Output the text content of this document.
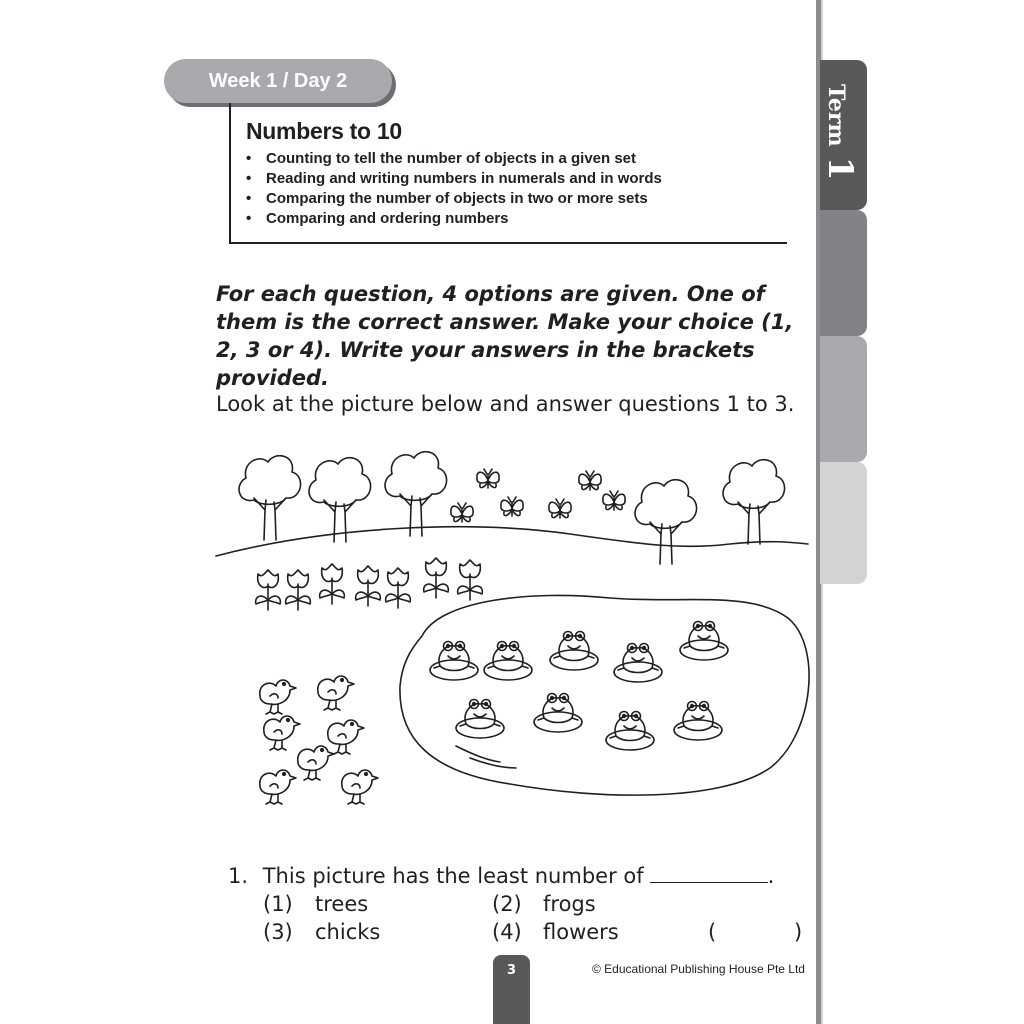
Term1
Week 1 / Day 2
Numbers to 10
• Counting to tell the number of objects in a given set
• Reading and writing numbers in numerals and in words
• Comparing the number of objects in two or more sets
• Comparing and ordering numbers
For each question, 4 options are given. One of them is the correct answer. Make your choice (1, 2, 3 or 4). Write your answers in the brackets provided.
Look at the picture below and answer questions 1 to 3.
1. This picture has the least number of	.
(1) trees	(2) frogs
(3) chicks	(4) flowers	(	)
3	© Educational Publishing House Pte Ltd
